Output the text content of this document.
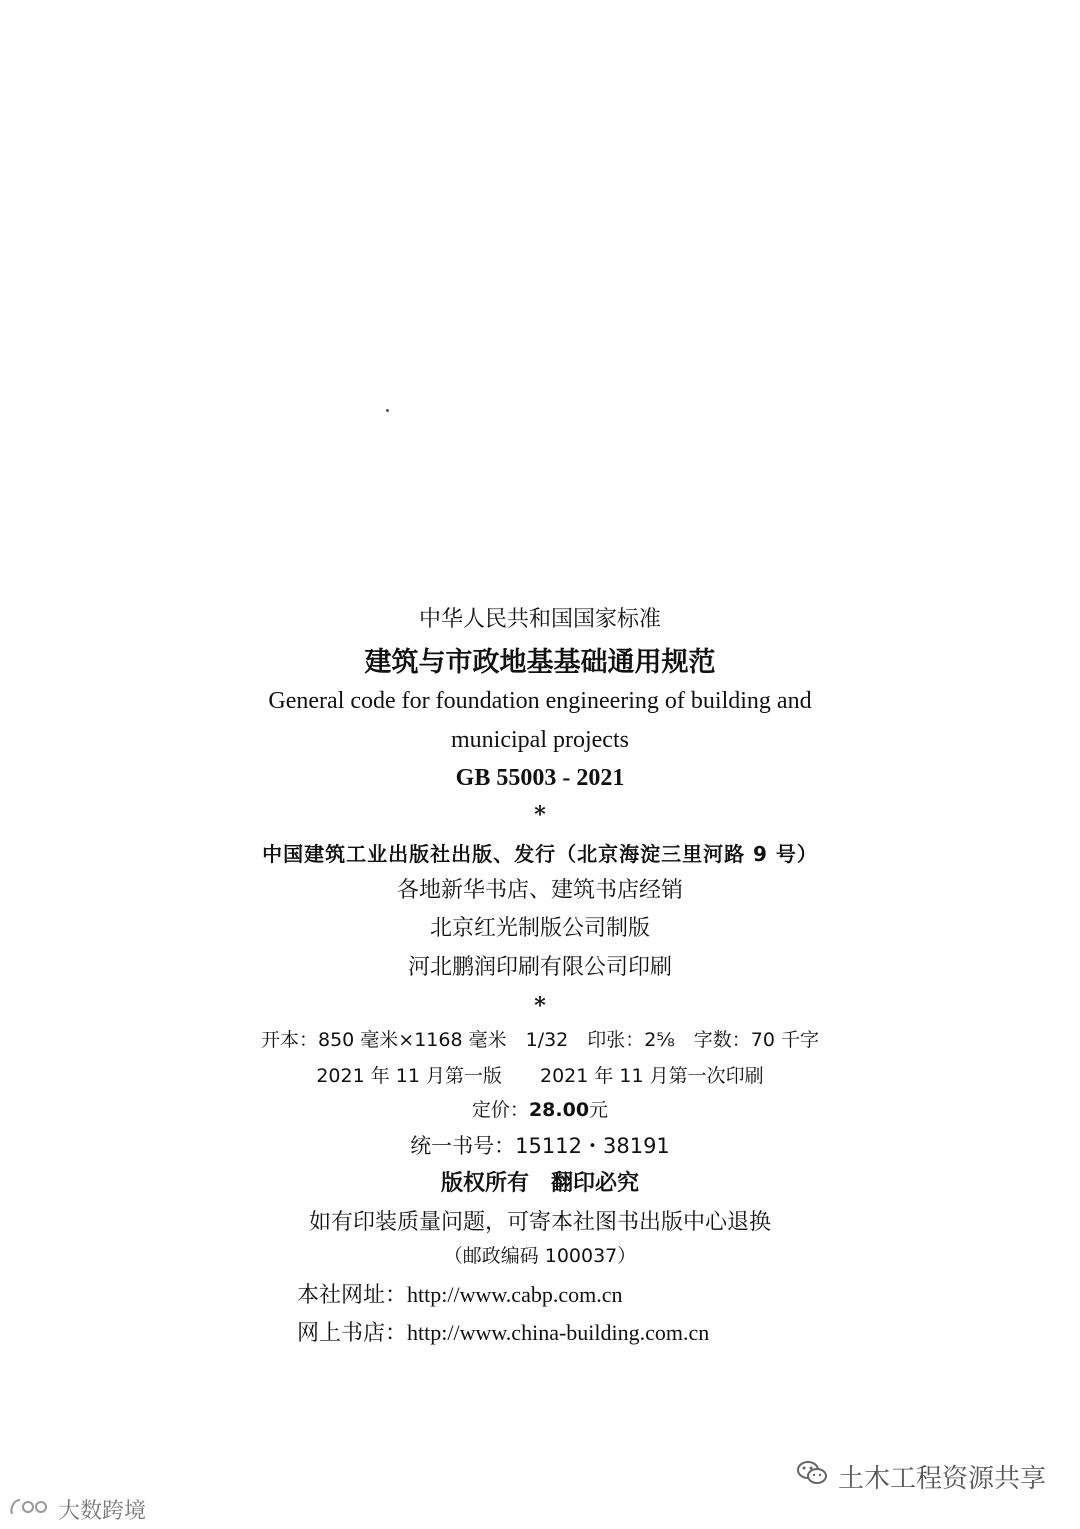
中华人民共和国国家标准
建筑与市政地基基础通用规范
General code for foundation engineering of building and
municipal projects
GB 55003 - 2021
*
中国建筑工业出版社出版、发行（北京海淀三里河路 9 号）
各地新华书店、建筑书店经销
北京红光制版公司制版
河北鹏润印刷有限公司印刷
*
开本：850 毫米×1168 毫米　1/32　印张：2⅝　字数：70 千字
2021 年 11 月第一版　　2021 年 11 月第一次印刷
定价：28.00元
统一书号：15112・38191
版权所有　翻印必究
如有印装质量问题，可寄本社图书出版中心退换
（邮政编码 100037）
本社网址：http://www.cabp.com.cn
网上书店：http://www.china-building.com.cn
土木工程资源共享
大数跨境
